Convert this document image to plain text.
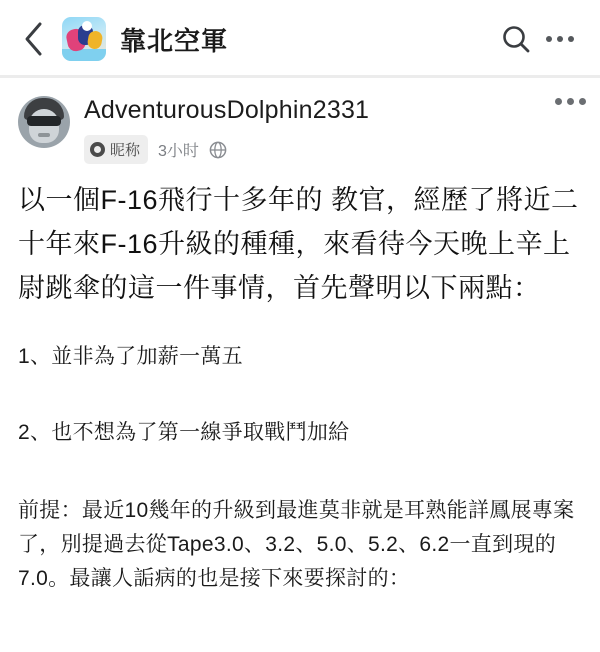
靠北空軍
AdventurousDolphin2331
昵称 3小时
以一個F-16飛行十多年的 教官，經歷了將近二十年來F-16升級的種種，來看待今天晚上辛上尉跳傘的這一件事情，首先聲明以下兩點：
1、並非為了加薪一萬五
2、也不想為了第一線爭取戰鬥加給
前提：最近10幾年的升級到最進莫非就是耳熟能詳鳳展專案了，別提過去從Tape3.0、3.2、5.0、5.2、6.2一直到現的7.0。最讓人詬病的也是接下來要探討的：
